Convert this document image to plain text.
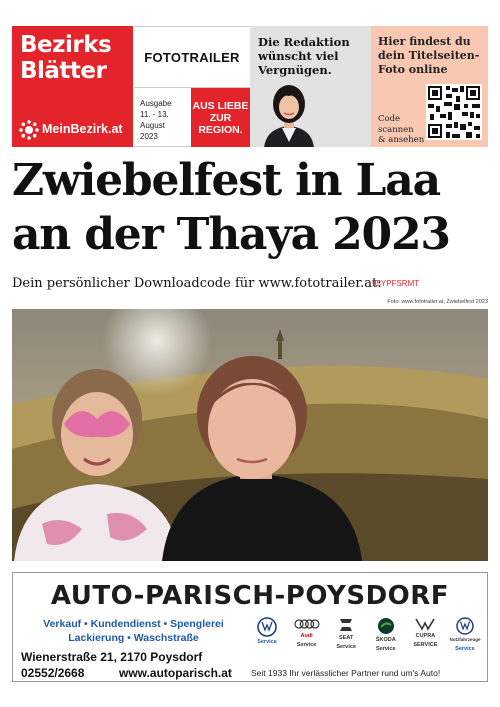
Bezirks
Blätter
MeinBezirk.at
FOTOTRAILER
Ausgabe
11. - 13. August
2023
AUS LIEBE
ZUR
REGION.
Die Redaktion
wünscht viel
Vergnügen.
Hier findest du
dein Titelseiten-
Foto online
Code
scannen
& ansehen
Zwiebelfest in Laa
an der Thaya 2023
Dein persönlicher Downloadcode für www.fototrailer.at:
95YPFSRMT
Foto: www.fototrailer.at, Zwiebelfest 2023
AUTO-PARISCH-POYSDORF
Verkauf • Kundendienst • Spenglerei
Lackierung • Waschstraße
Wienerstraße 21, 2170 Poysdorf
02552/2668	www.autoparisch.at
Service
Audi
Service
SEAT
Service
ŠKODA
Service
CUPRA
SERVICE
Nutzfahrzeuge
Service
Seit 1933 Ihr verlässlicher Partner rund um's Auto!
